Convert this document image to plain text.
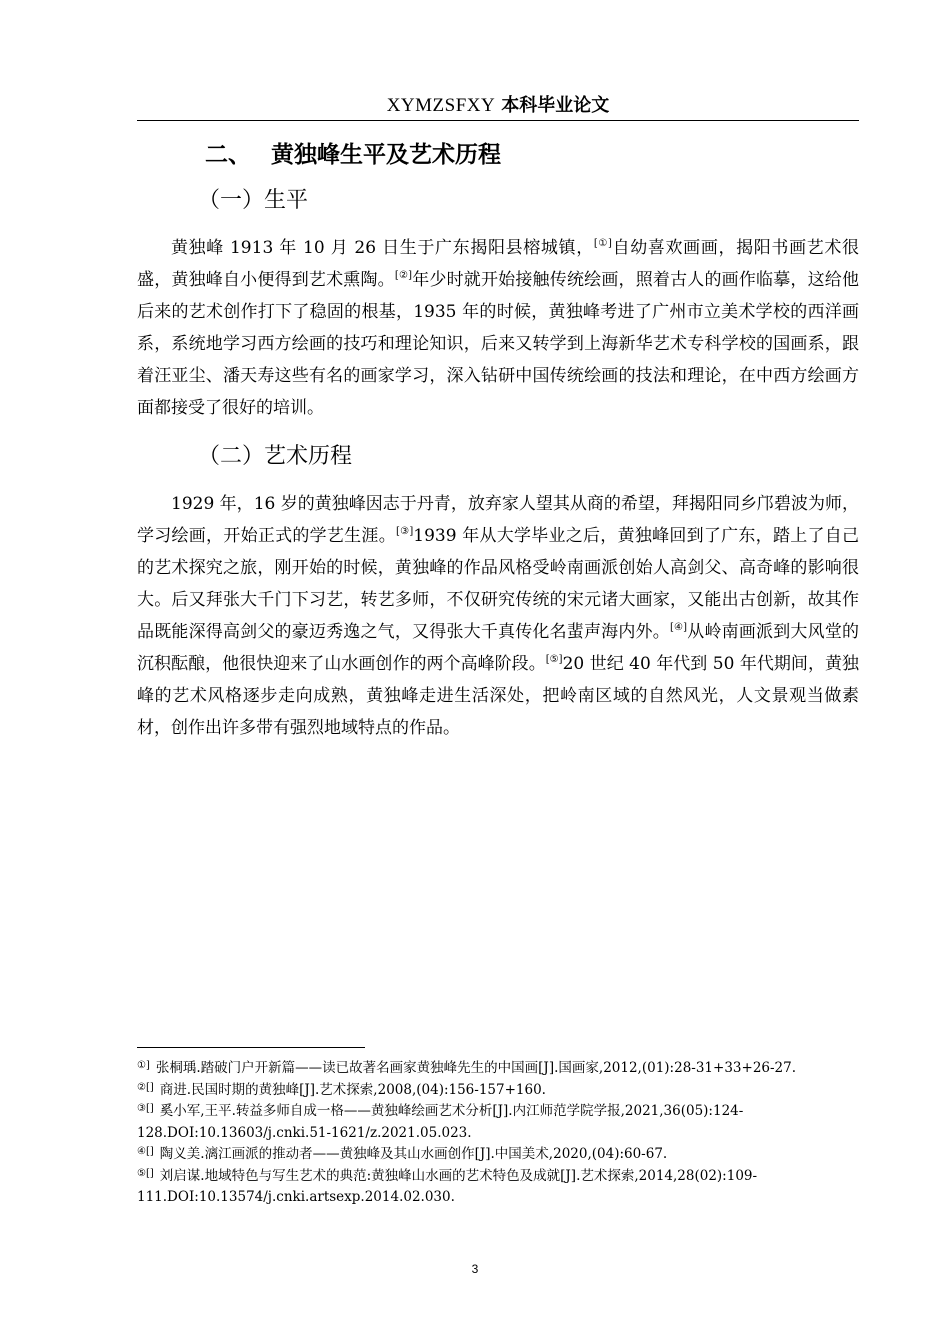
XYMZSFXY 本科毕业论文
二、 黄独峰生平及艺术历程
（一）生平

黄独峰 1913 年 10 月 26 日生于广东揭阳县榕城镇，[①]自幼喜欢画画，揭阳书画艺术很盛，黄独峰自小便得到艺术熏陶。[②]年少时就开始接触传统绘画，照着古人的画作临摹，这给他后来的艺术创作打下了稳固的根基，1935 年的时候，黄独峰考进了广州市立美术学校的西洋画系，系统地学习西方绘画的技巧和理论知识，后来又转学到上海新华艺术专科学校的国画系，跟着汪亚尘、潘天寿这些有名的画家学习，深入钻研中国传统绘画的技法和理论，在中西方绘画方面都接受了很好的培训。

（二）艺术历程

1929 年，16 岁的黄独峰因志于丹青，放弃家人望其从商的希望，拜揭阳同乡邝碧波为师，学习绘画，开始正式的学艺生涯。[③]1939 年从大学毕业之后，黄独峰回到了广东，踏上了自己的艺术探究之旅，刚开始的时候，黄独峰的作品风格受岭南画派创始人高剑父、高奇峰的影响很大。后又拜张大千门下习艺，转艺多师，不仅研究传统的宋元诸大画家，又能出古创新，故其作品既能深得高剑父的豪迈秀逸之气，又得张大千真传化名蜚声海内外。[④]从岭南画派到大风堂的沉积酝酿，他很快迎来了山水画创作的两个高峰阶段。[⑤]20 世纪 40 年代到 50 年代期间，黄独峰的艺术风格逐步走向成熟，黄独峰走进生活深处，把岭南区域的自然风光，人文景观当做素材，创作出许多带有强烈地域特点的作品。

①] 张桐瑀.踏破门户开新篇——读已故著名画家黄独峰先生的中国画[J].国画家,2012,(01):28-31+33+26-27.

②[] 商进.民国时期的黄独峰[J].艺术探索,2008,(04):156-157+160.

③[] 奚小军,王平.转益多师自成一格——黄独峰绘画艺术分析[J].内江师范学院学报,2021,36(05):124-128.DOI:10.13603/j.cnki.51-1621/z.2021.05.023.

④[] 陶义美.漓江画派的推动者——黄独峰及其山水画创作[J].中国美术,2020,(04):60-67.

⑤[] 刘启谋.地域特色与写生艺术的典范:黄独峰山水画的艺术特色及成就[J].艺术探索,2014,28(02):109-111.DOI:10.13574/j.cnki.artsexp.2014.02.030.

3
